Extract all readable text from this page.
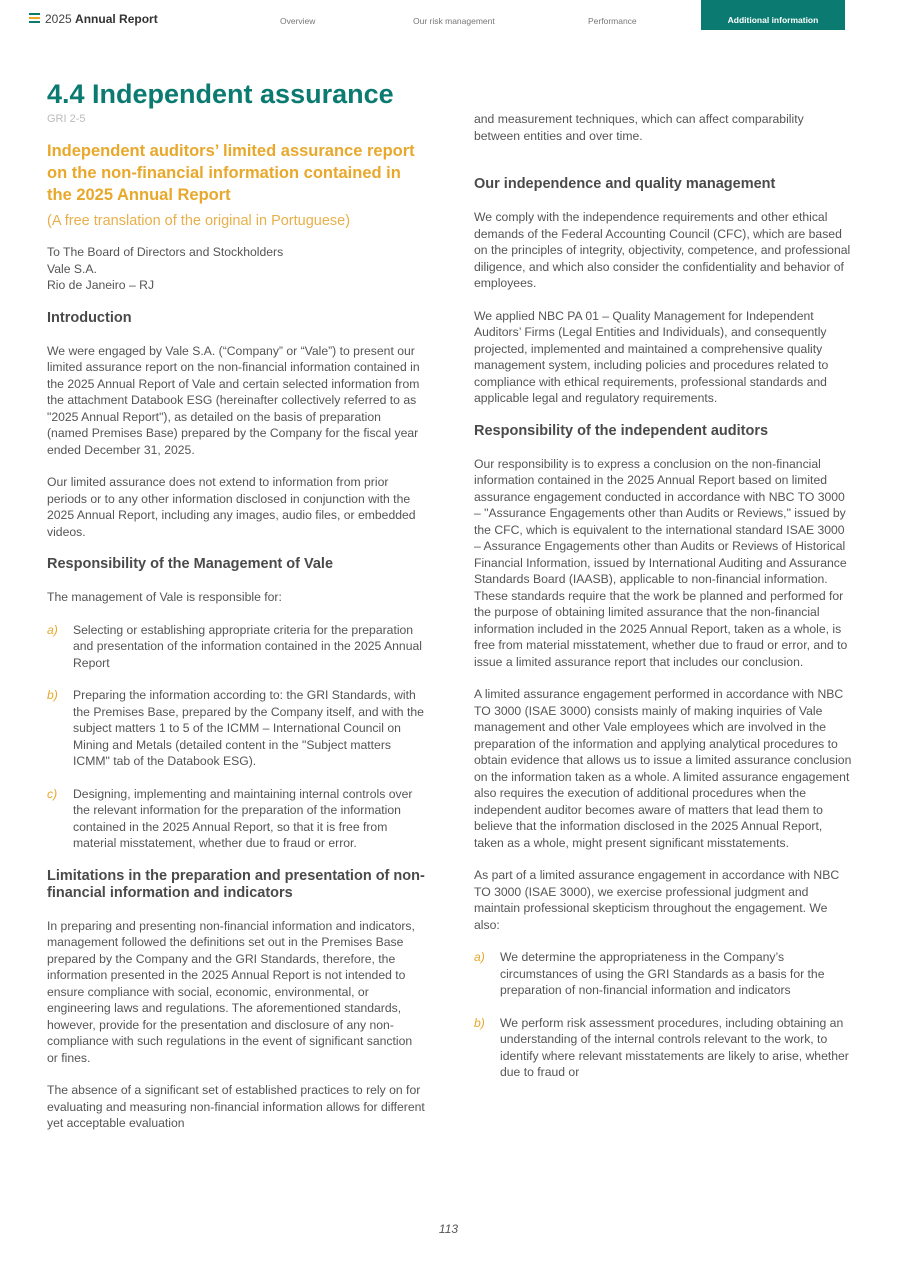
2025 Annual Report	Overview	Our risk management	Performance	Additional information
4.4 Independent assurance
GRI 2-5
Independent auditors’ limited assurance report on the non-financial information contained in the 2025 Annual Report
(A free translation of the original in Portuguese)

To The Board of Directors and Stockholders
Vale S.A.
Rio de Janeiro – RJ

Introduction

We were engaged by Vale S.A. (“Company” or “Vale”) to present our limited assurance report on the non-financial information contained in the 2025 Annual Report of Vale and certain selected information from the attachment Databook ESG (hereinafter collectively referred to as "2025 Annual Report"), as detailed on the basis of preparation (named Premises Base) prepared by the Company for the fiscal year ended December 31, 2025.

Our limited assurance does not extend to information from prior periods or to any other information disclosed in conjunction with the 2025 Annual Report, including any images, audio files, or embedded videos.

Responsibility of the Management of Vale

The management of Vale is responsible for:

a) Selecting or establishing appropriate criteria for the preparation and presentation of the information contained in the 2025 Annual Report
b) Preparing the information according to: the GRI Standards, with the Premises Base, prepared by the Company itself, and with the subject matters 1 to 5 of the ICMM – International Council on Mining and Metals (detailed content in the "Subject matters ICMM" tab of the Databook ESG).
c) Designing, implementing and maintaining internal controls over the relevant information for the preparation of the information contained in the 2025 Annual Report, so that it is free from material misstatement, whether due to fraud or error.
Limitations in the preparation and presentation of non-financial information and indicators

In preparing and presenting non-financial information and indicators, management followed the definitions set out in the Premises Base prepared by the Company and the GRI Standards, therefore, the information presented in the 2025 Annual Report is not intended to ensure compliance with social, economic, environmental, or engineering laws and regulations. The aforementioned standards, however, provide for the presentation and disclosure of any non-compliance with such regulations in the event of significant sanction or fines.

The absence of a significant set of established practices to rely on for evaluating and measuring non-financial information allows for different yet acceptable evaluation

and measurement techniques, which can affect comparability between entities and over time.

Our independence and quality management

We comply with the independence requirements and other ethical demands of the Federal Accounting Council (CFC), which are based on the principles of integrity, objectivity, competence, and professional diligence, and which also consider the confidentiality and behavior of employees.

We applied NBC PA 01 – Quality Management for Independent Auditors’ Firms (Legal Entities and Individuals), and consequently projected, implemented and maintained a comprehensive quality management system, including policies and procedures related to compliance with ethical requirements, professional standards and applicable legal and regulatory requirements.

Responsibility of the independent auditors

Our responsibility is to express a conclusion on the non-financial information contained in the 2025 Annual Report based on limited assurance engagement conducted in accordance with NBC TO 3000 – "Assurance Engagements other than Audits or Reviews," issued by the CFC, which is equivalent to the international standard ISAE 3000 – Assurance Engagements other than Audits or Reviews of Historical Financial Information, issued by International Auditing and Assurance Standards Board (IAASB), applicable to non-financial information. These standards require that the work be planned and performed for the purpose of obtaining limited assurance that the non-financial information included in the 2025 Annual Report, taken as a whole, is free from material misstatement, whether due to fraud or error, and to issue a limited assurance report that includes our conclusion.

A limited assurance engagement performed in accordance with NBC TO 3000 (ISAE 3000) consists mainly of making inquiries of Vale management and other Vale employees which are involved in the preparation of the information and applying analytical procedures to obtain evidence that allows us to issue a limited assurance conclusion on the information taken as a whole. A limited assurance engagement also requires the execution of additional procedures when the independent auditor becomes aware of matters that lead them to believe that the information disclosed in the 2025 Annual Report, taken as a whole, might present significant misstatements.

As part of a limited assurance engagement in accordance with NBC TO 3000 (ISAE 3000), we exercise professional judgment and maintain professional skepticism throughout the engagement. We also:

a) We determine the appropriateness in the Company’s circumstances of using the GRI Standards as a basis for the preparation of non-financial information and indicators
b) We perform risk assessment procedures, including obtaining an understanding of the internal controls relevant to the work, to identify where relevant misstatements are likely to arise, whether due to fraud or
113
